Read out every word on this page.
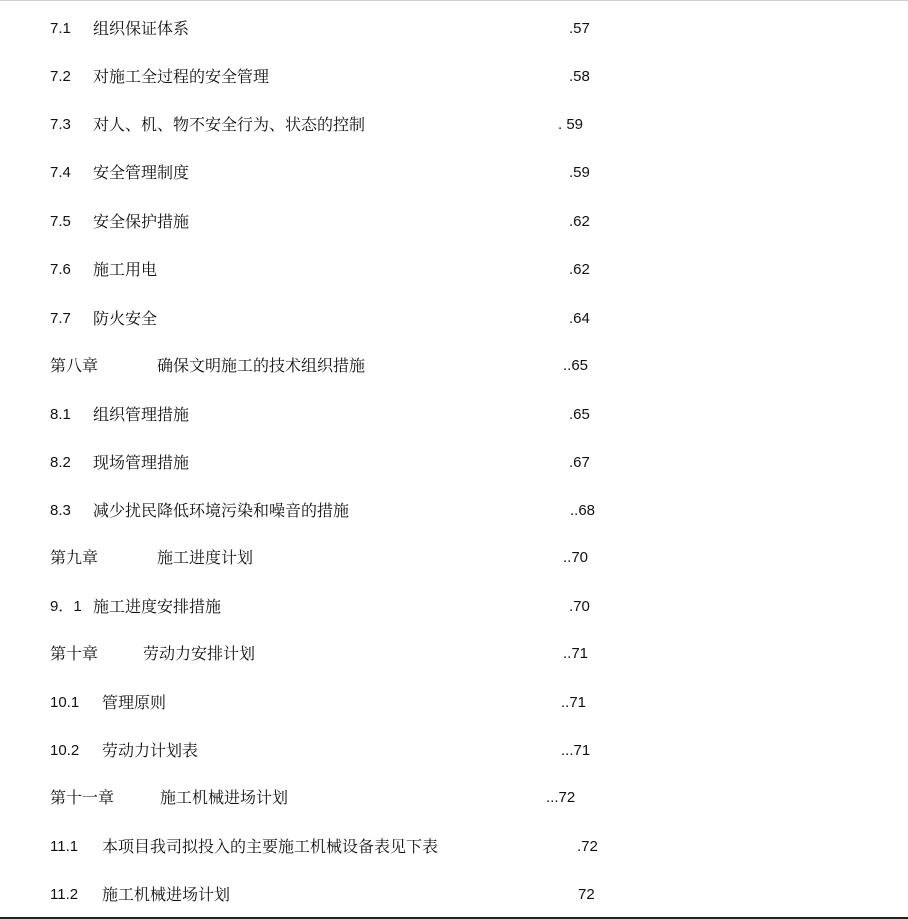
7.1 组织保证体系	.57
7.2 对施工全过程的安全管理	.58
7.3 对人、机、物不安全行为、状态的控制	. 59
7.4 安全管理制度	.59
7.5 安全保护措施	.62
7.6 施工用电	.62
7.7 防火安全	.64
第八章	确保文明施工的技术组织措施	..65
8.1 组织管理措施	.65
8.2 现场管理措施	.67
8.3 减少扰民降低环境污染和噪音的措施	..68
第九章	施工进度计划	..70
9．1 施工进度安排措施	.70
第十章	劳动力安排计划	..71
10.1 管理原则	..71
10.2 劳动力计划表	...71
第十一章	施工机械进场计划	...72
11.1 本项目我司拟投入的主要施工机械设备表见下表	.72
11.2 施工机械进场计划	72
